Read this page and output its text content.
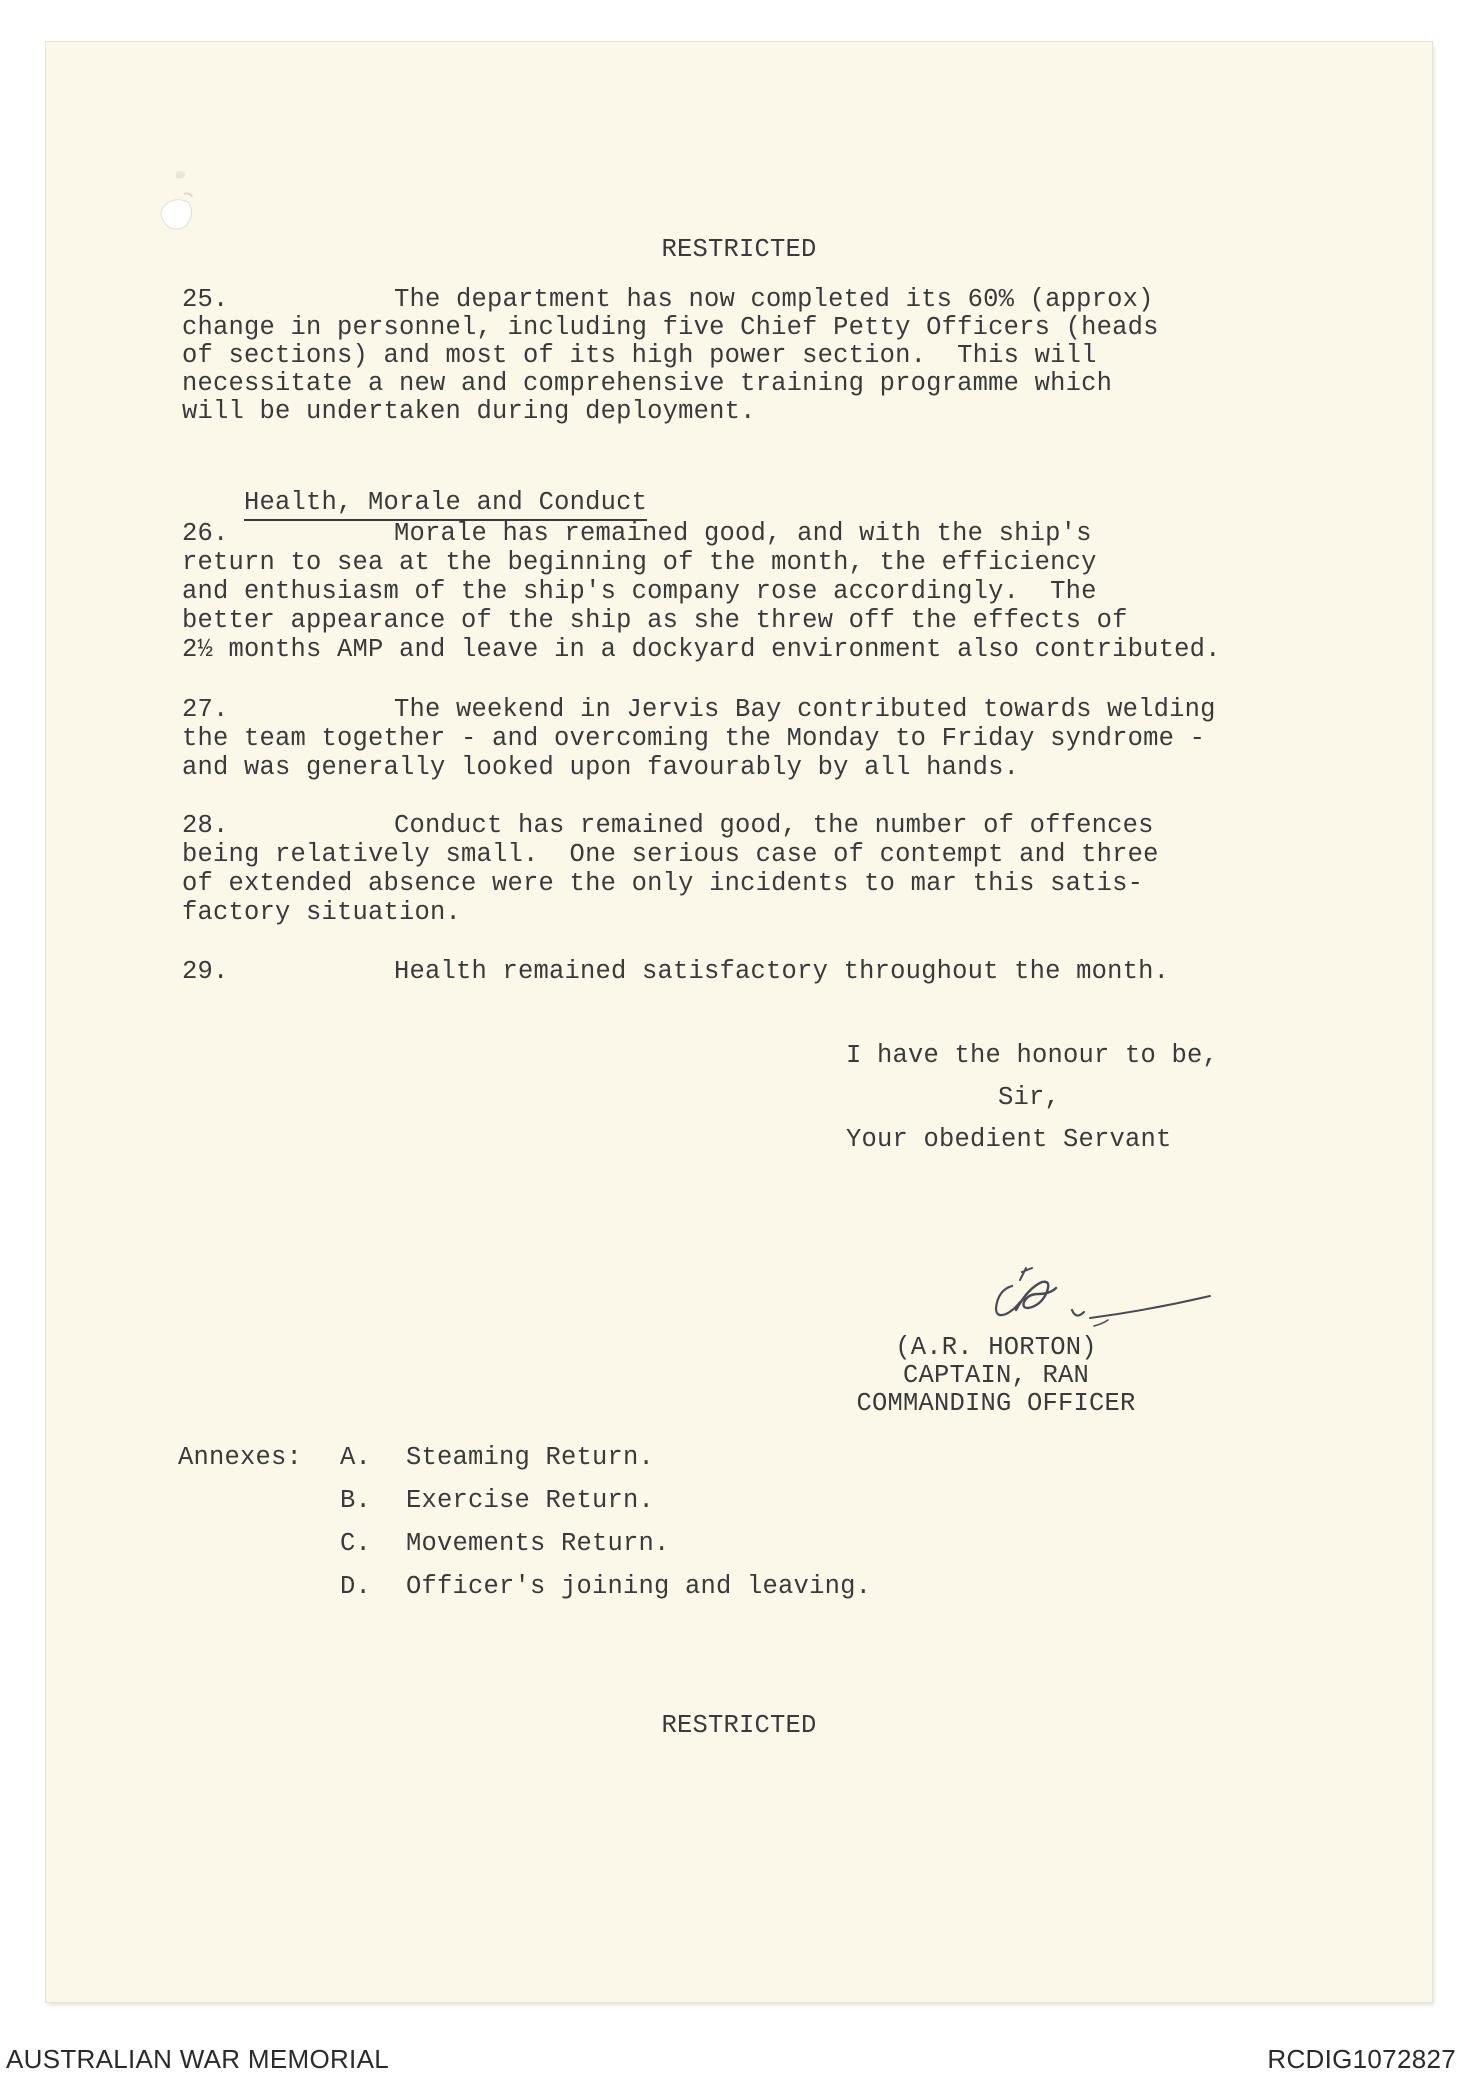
RESTRICTED
25.	The department has now completed its 60% (approx)
change in personnel, including five Chief Petty Officers (heads
of sections) and most of its high power section.  This will
necessitate a new and comprehensive training programme which
will be undertaken during deployment.

Health, Morale and Conduct

26.	Morale has remained good, and with the ship's
return to sea at the beginning of the month, the efficiency
and enthusiasm of the ship's company rose accordingly.  The
better appearance of the ship as she threw off the effects of
2½ months AMP and leave in a dockyard environment also contributed.
27.	The weekend in Jervis Bay contributed towards welding
the team together - and overcoming the Monday to Friday syndrome -
and was generally looked upon favourably by all hands.
28.	Conduct has remained good, the number of offences
being relatively small.  One serious case of contempt and three
of extended absence were the only incidents to mar this satis-
factory situation.
29.	Health remained satisfactory throughout the month.
I have the honour to be,
Sir,
Your obedient Servant
(A.R. HORTON)
CAPTAIN, RAN
COMMANDING OFFICER
Annexes: A. Steaming Return.
B. Exercise Return.
C. Movements Return.
D. Officer's joining and leaving.
RESTRICTED
AUSTRALIAN WAR MEMORIAL	RCDIG1072827
